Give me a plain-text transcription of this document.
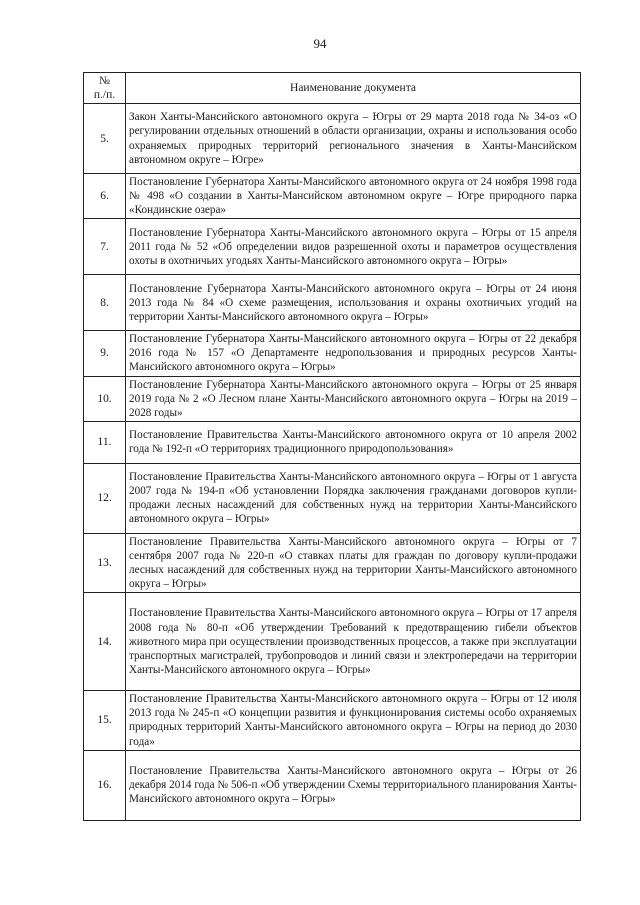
94
№
п./п.	Наименование документа
5.	Закон Ханты-Мансийского автономного округа – Югры от 29 марта 2018 года № 34-оз «О регулировании отдельных отношений в области организации, охраны и использования особо охраняемых природных территорий регионального значения в Ханты-Мансийском автономном округе – Югре»
6.	Постановление Губернатора Ханты-Мансийского автономного округа от 24 ноября 1998 года № 498 «О создании в Ханты-Мансийском автономном округе – Югре природного парка «Кондинские озера»
7.	Постановление Губернатора Ханты-Мансийского автономного округа – Югры от 15 апреля 2011 года № 52 «Об определении видов разрешенной охоты и параметров осуществления охоты в охотничьих угодьях Ханты-Мансийского автономного округа – Югры»
8.	Постановление Губернатора Ханты-Мансийского автономного округа – Югры от 24 июня 2013 года № 84 «О схеме размещения, использования и охраны охотничьих угодий на территории Ханты-Мансийского автономного округа – Югры»
9.	Постановление Губернатора Ханты-Мансийского автономного округа – Югры от 22 декабря 2016 года № 157 «О Департаменте недропользования и природных ресурсов Ханты-Мансийского автономного округа – Югры»
10.	Постановление Губернатора Ханты-Мансийского автономного округа – Югры от 25 января 2019 года № 2 «О Лесном плане Ханты-Мансийского автономного округа – Югры на 2019 – 2028 годы»
11.	Постановление Правительства Ханты-Мансийского автономного округа от 10 апреля 2002 года № 192-п «О территориях традиционного природопользования»
12.	Постановление Правительства Ханты-Мансийского автономного округа – Югры от 1 августа 2007 года № 194-п «Об установлении Порядка заключения гражданами договоров купли-продажи лесных насаждений для собственных нужд на территории Ханты-Мансийского автономного округа – Югры»
13.	Постановление Правительства Ханты-Мансийского автономного округа – Югры от 7 сентября 2007 года № 220-п «О ставках платы для граждан по договору купли-продажи лесных насаждений для собственных нужд на территории Ханты-Мансийского автономного округа – Югры»
14.	Постановление Правительства Ханты-Мансийского автономного округа – Югры от 17 апреля 2008 года № 80-п «Об утверждении Требований к предотвращению гибели объектов животного мира при осуществлении производственных процессов, а также при эксплуатации транспортных магистралей, трубопроводов и линий связи и электропередачи на территории Ханты-Мансийского автономного округа – Югры»
15.	Постановление Правительства Ханты-Мансийского автономного округа – Югры от 12 июля 2013 года № 245-п «О концепции развития и функционирования системы особо охраняемых природных территорий Ханты-Мансийского автономного округа – Югры на период до 2030 года»
16.	Постановление Правительства Ханты-Мансийского автономного округа – Югры от 26 декабря 2014 года № 506-п «Об утверждении Схемы территориального планирования Ханты-Мансийского автономного округа – Югры»
